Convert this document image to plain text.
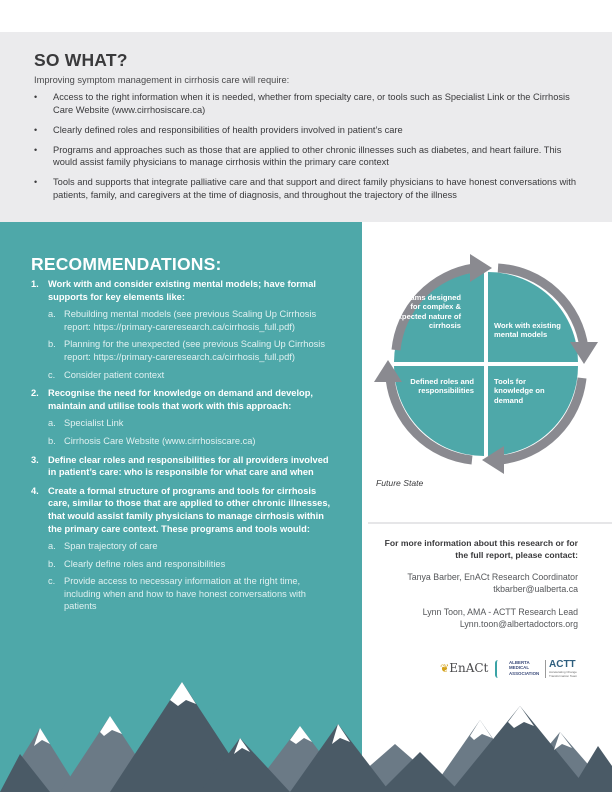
SO WHAT?

Improving symptom management in cirrhosis care will require:

• Access to the right information when it is needed, whether from specialty care, or tools such as Specialist Link or the Cirrhosis Care Website (www.cirrhosiscare.ca)
• Clearly defined roles and responsibilities of health providers involved in patient’s care
• Programs and approaches such as those that are applied to other chronic illnesses such as diabetes, and heart failure. This would assist family physicians to manage cirrhosis within the primary care context
• Tools and supports that integrate palliative care and that support and direct family physicians to have honest conversations with patients, family, and caregivers at the time of diagnosis, and throughout the trajectory of the illness
RECOMMENDATIONS:
1. Work with and consider existing mental models; have formal supports for key elements like:
a. Rebuilding mental models (see previous Scaling Up Cirrhosis report: https://primary-careresearch.ca/cirrhosis_full.pdf)
b. Planning for the unexpected (see previous Scaling Up Cirrhosis report: https://primary-careresearch.ca/cirrhosis_full.pdf)
c. Consider patient context
2. Recognise the need for knowledge on demand and develop, maintain and utilise tools that work with this approach:
a. Specialist Link
b. Cirrhosis Care Website (www.cirrhosiscare.ca)
3. Define clear roles and responsibilities for all providers involved in patient’s care: who is responsible for what care and when
4. Create a formal structure of programs and tools for cirrhosis care, similar to those that are applied to other chronic illnesses, that would assist family physicians to manage cirrhosis within the primary care context. These programs and tools would:
a. Span trajectory of care
b. Clearly define roles and responsibilities
c. Provide access to necessary information at the right time, including when and how to have honest conversations with patients
Programs designed for complex & unexpected nature of cirrhosis	Work with existing mental models
Defined roles and responsibilities
Tools for knowledge on demand
Future State
For more information about this research or for the full report, please contact:
Tanya Barber, EnACt Research Coordinator
tkbarber@ualberta.ca
Lynn Toon, AMA - ACTT Research Lead
Lynn.toon@albertadoctors.org
❦EnACt	ALBERTA
MEDICAL
ASSOCIATION
ACTT
Accelerating Change
Transformation Team
